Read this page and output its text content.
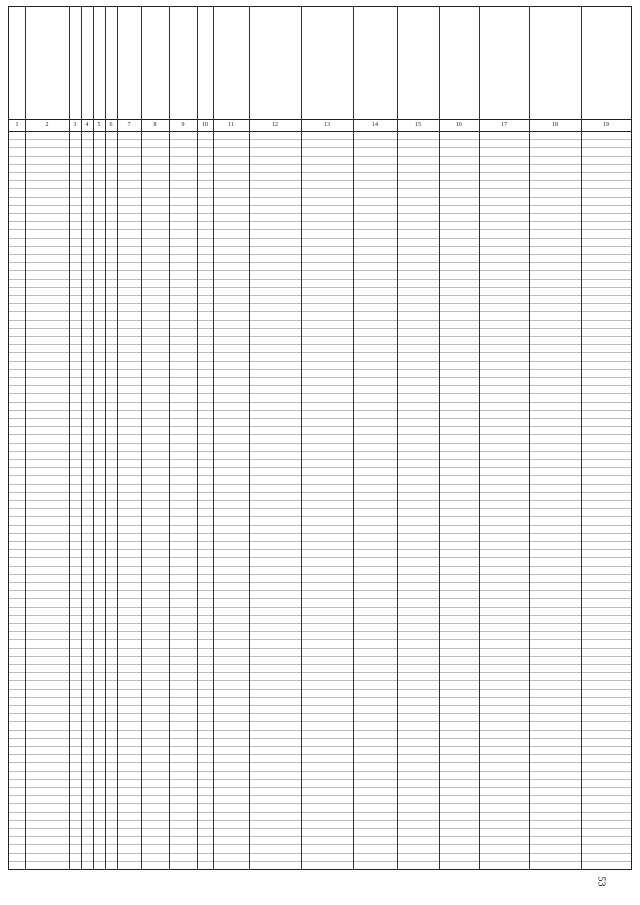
1	2	3	4	5	6	7	8	9	10	11	12	13	14	15	16	17	18	19
53
